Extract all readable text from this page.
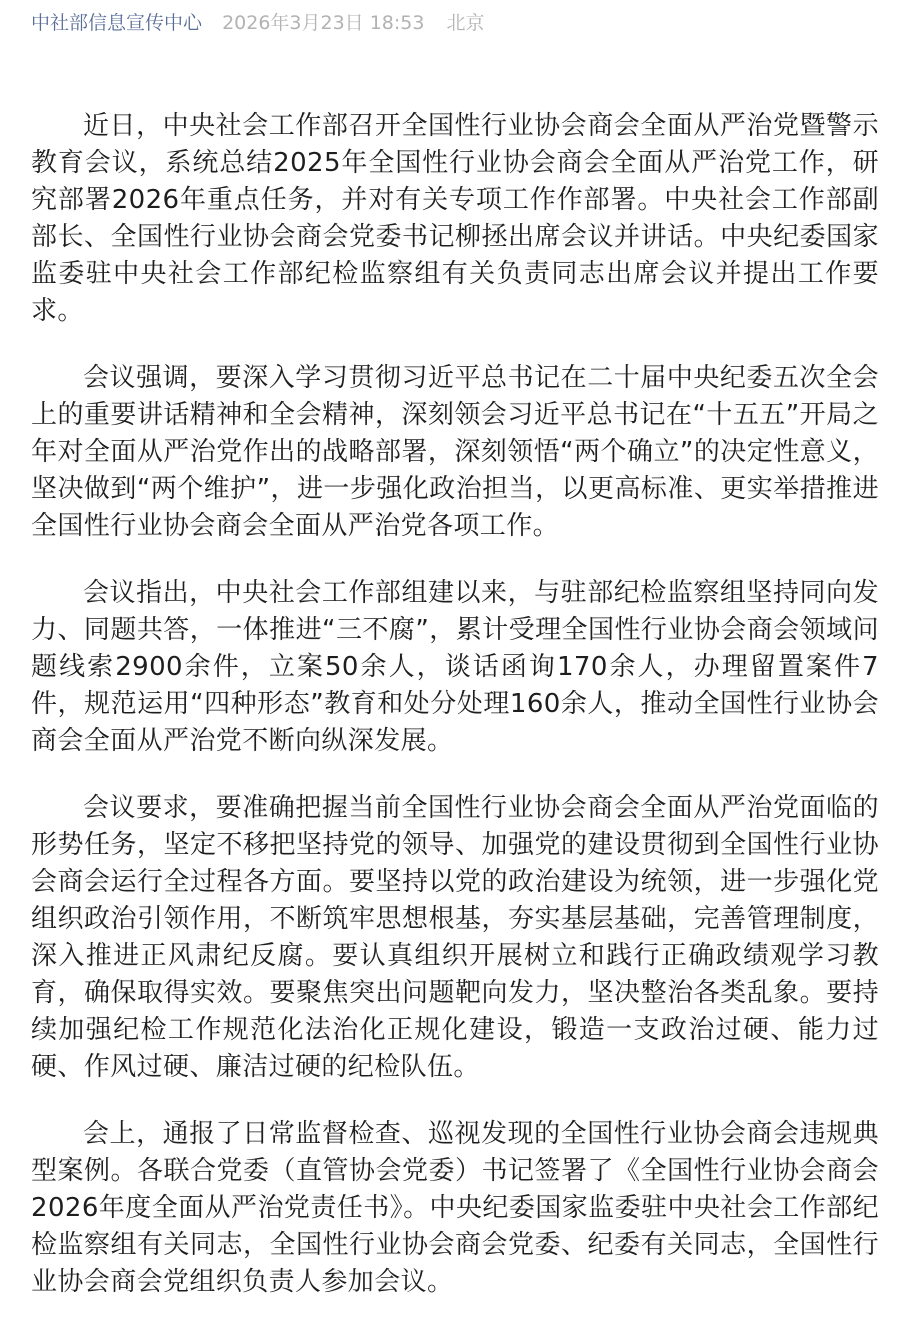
中社部信息宣传中心 2026年3月23日 18:53 北京

近日，中央社会工作部召开全国性行业协会商会全面从严治党暨警示教育会议，系统总结2025年全国性行业协会商会全面从严治党工作，研究部署2026年重点任务，并对有关专项工作作部署。中央社会工作部副部长、全国性行业协会商会党委书记柳拯出席会议并讲话。中央纪委国家监委驻中央社会工作部纪检监察组有关负责同志出席会议并提出工作要求。

会议强调，要深入学习贯彻习近平总书记在二十届中央纪委五次全会上的重要讲话精神和全会精神，深刻领会习近平总书记在“十五五”开局之年对全面从严治党作出的战略部署，深刻领悟“两个确立”的决定性意义，坚决做到“两个维护”，进一步强化政治担当，以更高标准、更实举措推进全国性行业协会商会全面从严治党各项工作。

会议指出，中央社会工作部组建以来，与驻部纪检监察组坚持同向发力、同题共答，一体推进“三不腐”，累计受理全国性行业协会商会领域问题线索2900余件，立案50余人，谈话函询170余人，办理留置案件7件，规范运用“四种形态”教育和处分处理160余人，推动全国性行业协会商会全面从严治党不断向纵深发展。

会议要求，要准确把握当前全国性行业协会商会全面从严治党面临的形势任务，坚定不移把坚持党的领导、加强党的建设贯彻到全国性行业协会商会运行全过程各方面。要坚持以党的政治建设为统领，进一步强化党组织政治引领作用，不断筑牢思想根基，夯实基层基础，完善管理制度，深入推进正风肃纪反腐。要认真组织开展树立和践行正确政绩观学习教育，确保取得实效。要聚焦突出问题靶向发力，坚决整治各类乱象。要持续加强纪检工作规范化法治化正规化建设，锻造一支政治过硬、能力过硬、作风过硬、廉洁过硬的纪检队伍。

会上，通报了日常监督检查、巡视发现的全国性行业协会商会违规典型案例。各联合党委（直管协会党委）书记签署了《全国性行业协会商会2026年度全面从严治党责任书》。中央纪委国家监委驻中央社会工作部纪检监察组有关同志，全国性行业协会商会党委、纪委有关同志，全国性行业协会商会党组织负责人参加会议。
